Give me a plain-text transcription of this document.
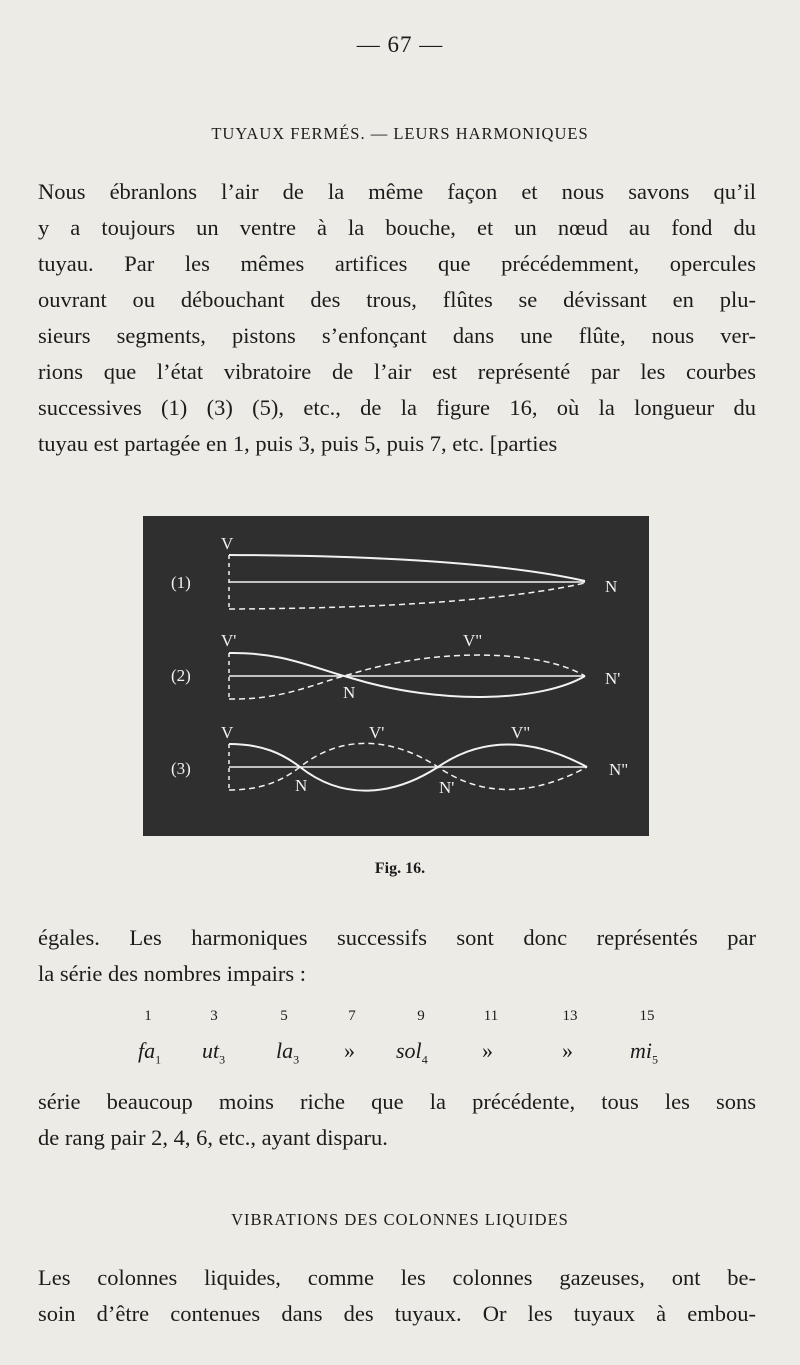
— 67 —
TUYAUX FERMÉS. — LEURS HARMONIQUES
Nous ébranlons l’air de la même façon et nous savons qu’il
y a toujours un ventre à la bouche, et un nœud au fond du
tuyau. Par les mêmes artifices que précédemment, opercules
ouvrant ou débouchant des trous, flûtes se dévissant en plu-
sieurs segments, pistons s’enfonçant dans une flûte, nous ver-
rions que l’état vibratoire de l’air est représenté par les courbes
successives (1) (3) (5), etc., de la figure 16, où la longueur du
tuyau est partagée en 1, puis 3, puis 5, puis 7, etc. [parties
(1)
V
N
(2)
V'	V"
N
N'
(3)
V	V'	V"
N	N'
N"
Fig. 16.
égales. Les harmoniques successifs sont donc représentés par
la série des nombres impairs :
1	3	5	7	9	11	13	15
$fa_1$ $ut_3$ $la_3$ » sol$_4$ »	»	$mi_5$
série beaucoup moins riche que la précédente, tous les sons
de rang pair 2, 4, 6, etc., ayant disparu.
VIBRATIONS DES COLONNES LIQUIDES
Les colonnes liquides, comme les colonnes gazeuses, ont be-
soin d’être contenues dans des tuyaux. Or les tuyaux à embou-
